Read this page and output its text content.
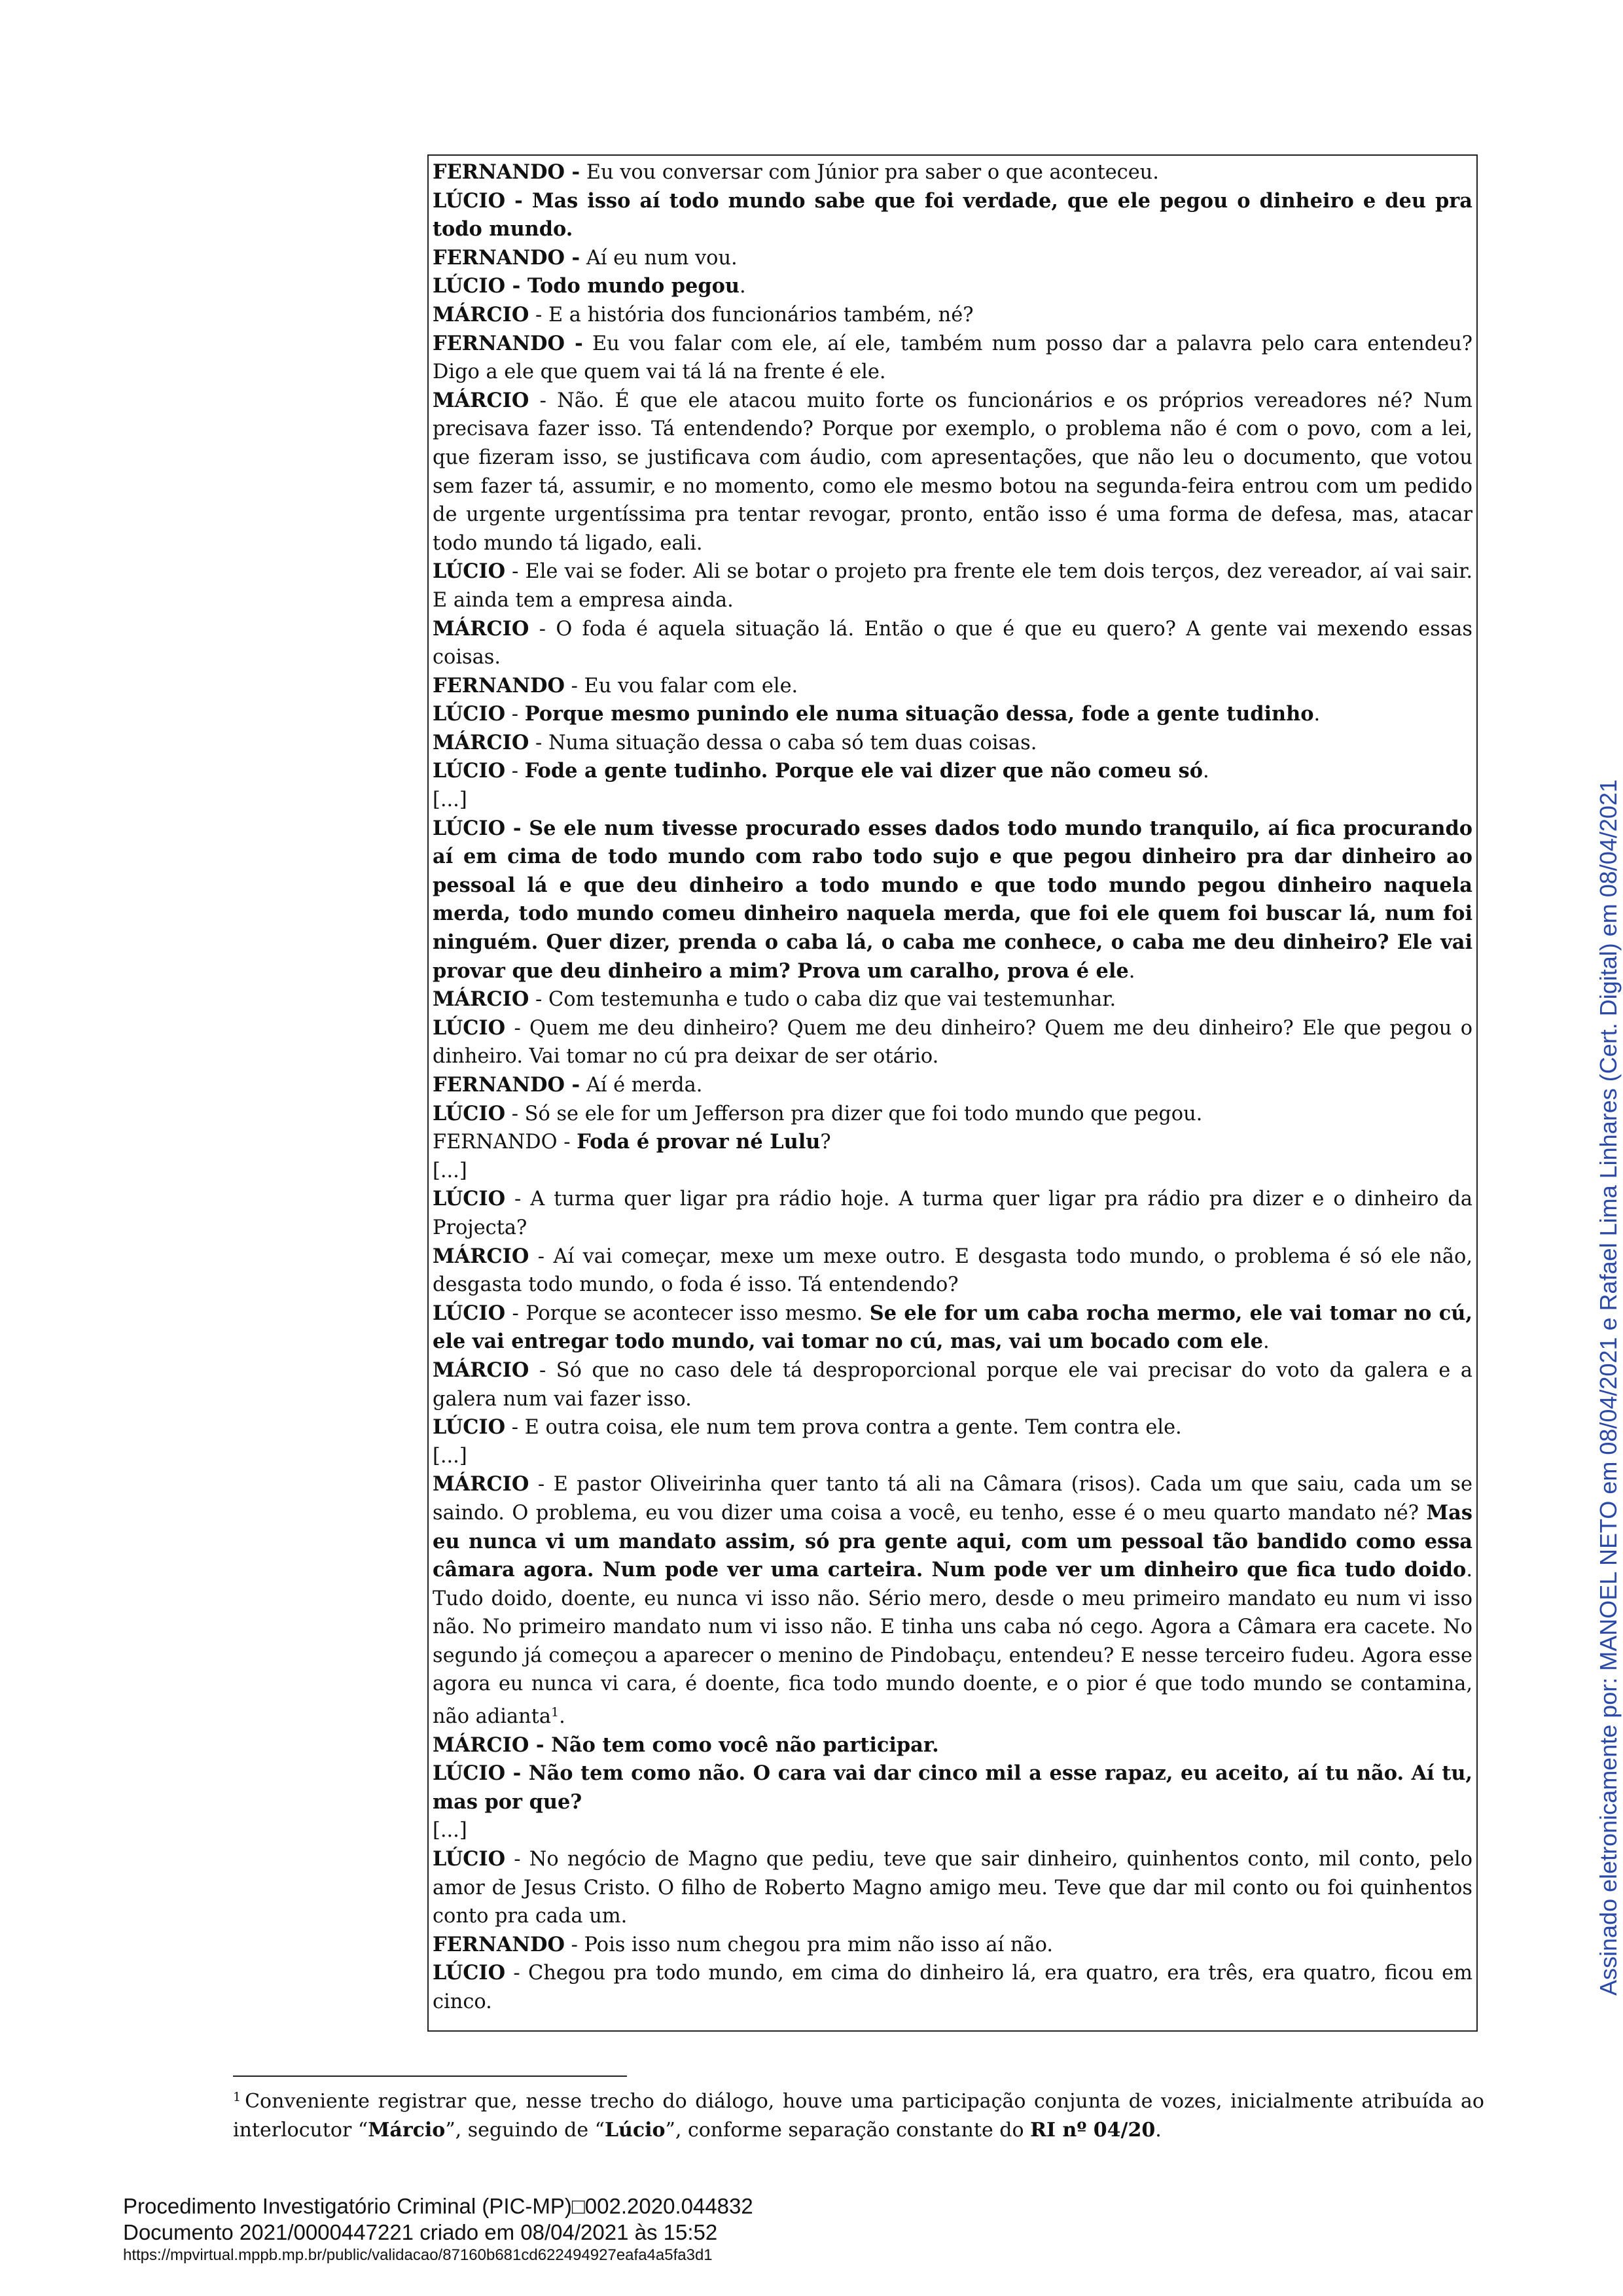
FERNANDO - Eu vou conversar com Júnior pra saber o que aconteceu.

LÚCIO - Mas isso aí todo mundo sabe que foi verdade, que ele pegou o dinheiro e deu pra todo mundo.

FERNANDO - Aí eu num vou.

LÚCIO - Todo mundo pegou.

MÁRCIO - E a história dos funcionários também, né?

FERNANDO - Eu vou falar com ele, aí ele, também num posso dar a palavra pelo cara entendeu? Digo a ele que quem vai tá lá na frente é ele.

MÁRCIO - Não. É que ele atacou muito forte os funcionários e os próprios vereadores né? Num precisava fazer isso. Tá entendendo? Porque por exemplo, o problema não é com o povo, com a lei, que fizeram isso, se justificava com áudio, com apresentações, que não leu o documento, que votou sem fazer tá, assumir, e no momento, como ele mesmo botou na segunda-feira entrou com um pedido de urgente urgentíssima pra tentar revogar, pronto, então isso é uma forma de defesa, mas, atacar todo mundo tá ligado, eali.

LÚCIO - Ele vai se foder. Ali se botar o projeto pra frente ele tem dois terços, dez vereador, aí vai sair. E ainda tem a empresa ainda.

MÁRCIO - O foda é aquela situação lá. Então o que é que eu quero? A gente vai mexendo essas coisas.

FERNANDO - Eu vou falar com ele.

LÚCIO - Porque mesmo punindo ele numa situação dessa, fode a gente tudinho.

MÁRCIO - Numa situação dessa o caba só tem duas coisas.

LÚCIO - Fode a gente tudinho. Porque ele vai dizer que não comeu só.

[...]

LÚCIO - Se ele num tivesse procurado esses dados todo mundo tranquilo, aí fica procurando aí em cima de todo mundo com rabo todo sujo e que pegou dinheiro pra dar dinheiro ao pessoal lá e que deu dinheiro a todo mundo e que todo mundo pegou dinheiro naquela merda, todo mundo comeu dinheiro naquela merda, que foi ele quem foi buscar lá, num foi ninguém. Quer dizer, prenda o caba lá, o caba me conhece, o caba me deu dinheiro? Ele vai provar que deu dinheiro a mim? Prova um caralho, prova é ele.

MÁRCIO - Com testemunha e tudo o caba diz que vai testemunhar.

LÚCIO - Quem me deu dinheiro? Quem me deu dinheiro? Quem me deu dinheiro? Ele que pegou o dinheiro. Vai tomar no cú pra deixar de ser otário.

FERNANDO - Aí é merda.

LÚCIO - Só se ele for um Jefferson pra dizer que foi todo mundo que pegou.

FERNANDO - Foda é provar né Lulu?

[...]

LÚCIO - A turma quer ligar pra rádio hoje. A turma quer ligar pra rádio pra dizer e o dinheiro da Projecta?

MÁRCIO - Aí vai começar, mexe um mexe outro. E desgasta todo mundo, o problema é só ele não, desgasta todo mundo, o foda é isso. Tá entendendo?

LÚCIO - Porque se acontecer isso mesmo. Se ele for um caba rocha mermo, ele vai tomar no cú, ele vai entregar todo mundo, vai tomar no cú, mas, vai um bocado com ele.

MÁRCIO - Só que no caso dele tá desproporcional porque ele vai precisar do voto da galera e a galera num vai fazer isso.

LÚCIO - E outra coisa, ele num tem prova contra a gente. Tem contra ele.

[...]

MÁRCIO - E pastor Oliveirinha quer tanto tá ali na Câmara (risos). Cada um que saiu, cada um se saindo. O problema, eu vou dizer uma coisa a você, eu tenho, esse é o meu quarto mandato né? Mas eu nunca vi um mandato assim, só pra gente aqui, com um pessoal tão bandido como essa câmara agora. Num pode ver uma carteira. Num pode ver um dinheiro que fica tudo doido. Tudo doido, doente, eu nunca vi isso não. Sério mero, desde o meu primeiro mandato eu num vi isso não. No primeiro mandato num vi isso não. E tinha uns caba nó cego. Agora a Câmara era cacete. No segundo já começou a aparecer o menino de Pindobaçu, entendeu? E nesse terceiro fudeu. Agora esse agora eu nunca vi cara, é doente, fica todo mundo doente, e o pior é que todo mundo se contamina, não adianta$^1$.

MÁRCIO - Não tem como você não participar.

LÚCIO - Não tem como não. O cara vai dar cinco mil a esse rapaz, eu aceito, aí tu não. Aí tu, mas por que?

[...]

LÚCIO - No negócio de Magno que pediu, teve que sair dinheiro, quinhentos conto, mil conto, pelo amor de Jesus Cristo. O filho de Roberto Magno amigo meu. Teve que dar mil conto ou foi quinhentos conto pra cada um.

FERNANDO - Pois isso num chegou pra mim não isso aí não.

LÚCIO - Chegou pra todo mundo, em cima do dinheiro lá, era quatro, era três, era quatro, ficou em cinco.

$^1$ Conveniente registrar que, nesse trecho do diálogo, houve uma participação conjunta de vozes, inicialmente atribuída ao interlocutor “Márcio”, seguindo de “Lúcio”, conforme separação constante do RI nº 04/20.

Procedimento Investigatório Criminal (PIC-MP)□002.2020.044832
Documento 2021/0000447221 criado em 08/04/2021 às 15:52
https://mpvirtual.mppb.mp.br/public/validacao/87160b681cd622494927eafa4a5fa3d1
Assinado eletronicamente por: MANOEL NETO em 08/04/2021 e Rafael Lima Linhares (Cert. Digital) em 08/04/2021
